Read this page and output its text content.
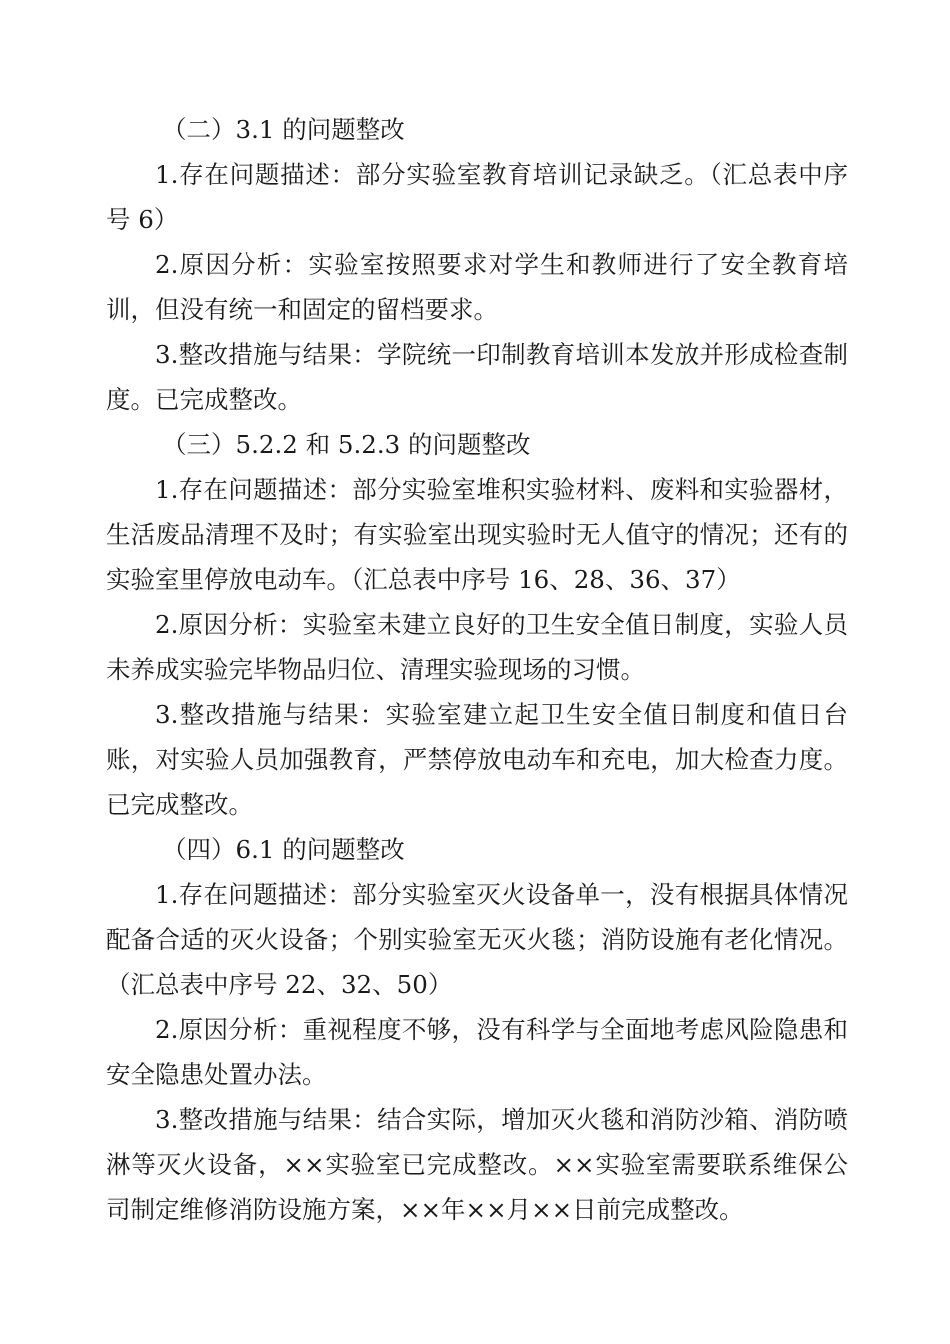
（二）3.1 的问题整改

1.存在问题描述：部分实验室教育培训记录缺乏。（汇总表中序号 6）

2.原因分析：实验室按照要求对学生和教师进行了安全教育培训，但没有统一和固定的留档要求。

3.整改措施与结果：学院统一印制教育培训本发放并形成检查制度。已完成整改。

（三）5.2.2 和 5.2.3 的问题整改

1.存在问题描述：部分实验室堆积实验材料、废料和实验器材，生活废品清理不及时；有实验室出现实验时无人值守的情况；还有的实验室里停放电动车。（汇总表中序号 16、28、36、37）

2.原因分析：实验室未建立良好的卫生安全值日制度，实验人员未养成实验完毕物品归位、清理实验现场的习惯。

3.整改措施与结果：实验室建立起卫生安全值日制度和值日台账，对实验人员加强教育，严禁停放电动车和充电，加大检查力度。已完成整改。

（四）6.1 的问题整改

1.存在问题描述：部分实验室灭火设备单一，没有根据具体情况配备合适的灭火设备；个别实验室无灭火毯；消防设施有老化情况。（汇总表中序号 22、32、50）

2.原因分析：重视程度不够，没有科学与全面地考虑风险隐患和安全隐患处置办法。

3.整改措施与结果：结合实际，增加灭火毯和消防沙箱、消防喷淋等灭火设备，××实验室已完成整改。××实验室需要联系维保公司制定维修消防设施方案，××年××月××日前完成整改。
